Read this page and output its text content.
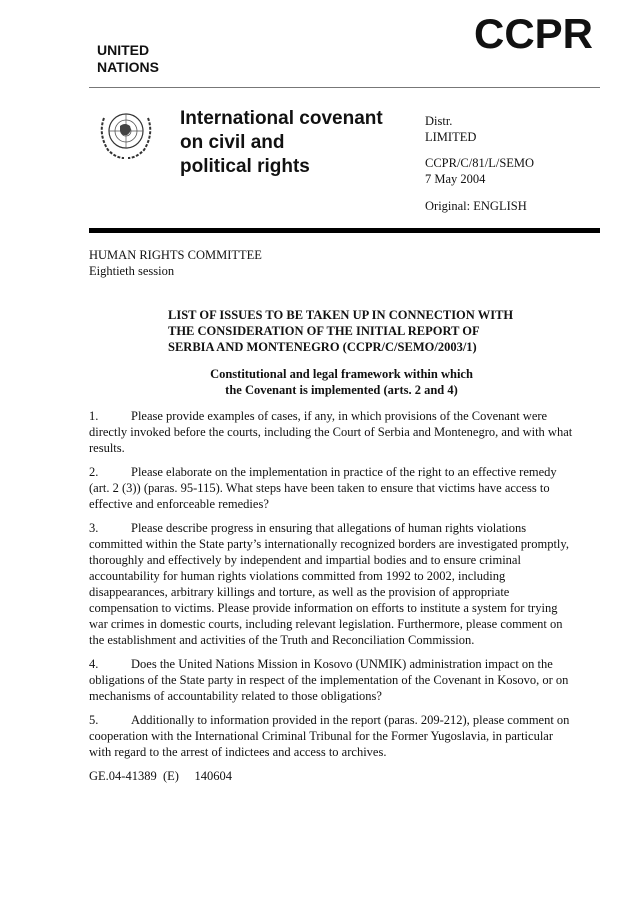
UNITED
NATIONS
CCPR
International covenant
on civil and
political rights
Distr.
LIMITED
CCPR/C/81/L/SEMO
7 May 2004
Original: ENGLISH
HUMAN RIGHTS COMMITTEE
Eightieth session
LIST OF ISSUES TO BE TAKEN UP IN CONNECTION WITH
THE CONSIDERATION OF THE INITIAL REPORT OF
SERBIA AND MONTENEGRO (CCPR/C/SEMO/2003/1)
Constitutional and legal framework within which
the Covenant is implemented (arts. 2 and 4)
1.	Please provide examples of cases, if any, in which provisions of the Covenant were
directly invoked before the courts, including the Court of Serbia and Montenegro, and with what
results.
2.	Please elaborate on the implementation in practice of the right to an effective remedy
(art. 2 (3)) (paras. 95-115). What steps have been taken to ensure that victims have access to
effective and enforceable remedies?
3.	Please describe progress in ensuring that allegations of human rights violations
committed within the State party’s internationally recognized borders are investigated promptly,
thoroughly and effectively by independent and impartial bodies and to ensure criminal
accountability for human rights violations committed from 1992 to 2002, including
disappearances, arbitrary killings and torture, as well as the provision of appropriate
compensation to victims. Please provide information on efforts to institute a system for trying
war crimes in domestic courts, including relevant legislation. Furthermore, please comment on
the establishment and activities of the Truth and Reconciliation Commission.
4.	Does the United Nations Mission in Kosovo (UNMIK) administration impact on the
obligations of the State party in respect of the implementation of the Covenant in Kosovo, or on
mechanisms of accountability related to those obligations?
5.	Additionally to information provided in the report (paras. 209-212), please comment on
cooperation with the International Criminal Tribunal for the Former Yugoslavia, in particular
with regard to the arrest of indictees and access to archives.
GE.04-41389  (E)     140604
